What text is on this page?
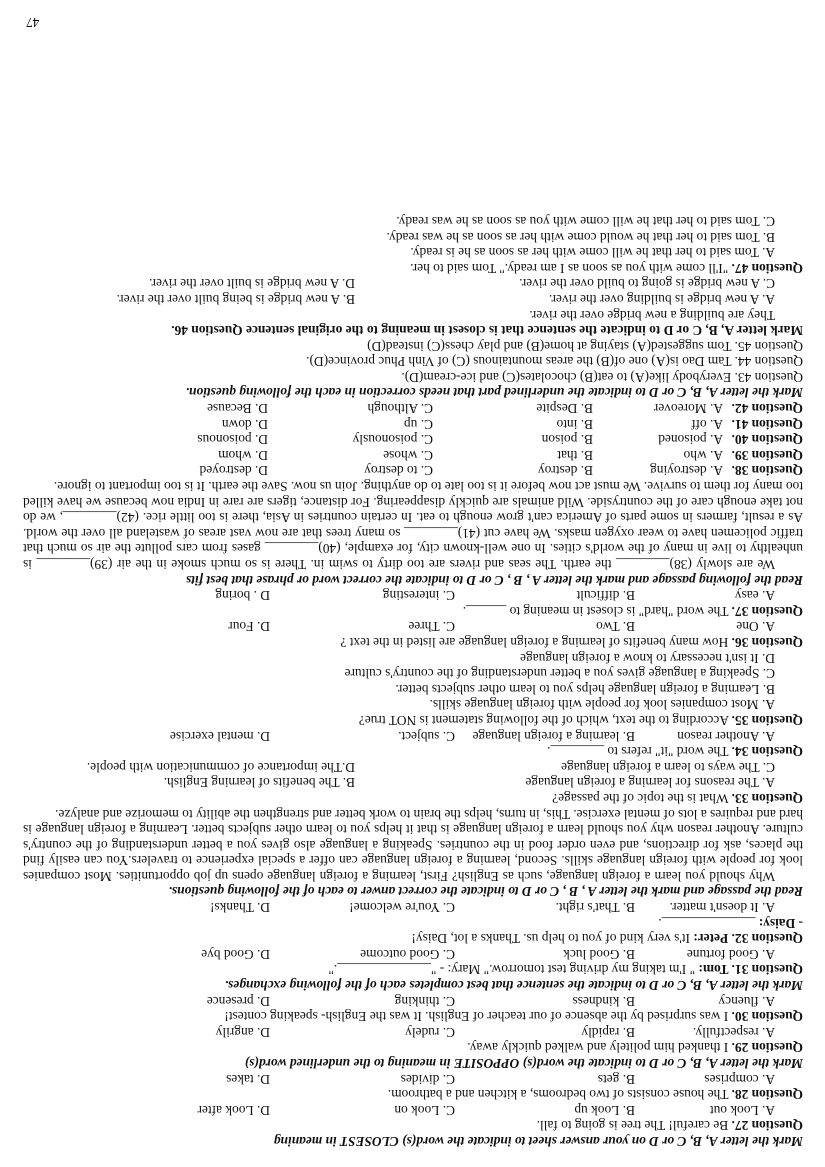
Mark the letter A, B, C or D on your answer sheet to indicate the word(s) CLOSEST in meaning
Question 27. Be careful! The tree is going to fall.
A. Look out
B. Look up
C. Look on
D. Look after
Question 28. The house consists of two bedrooms, a kitchen and a bathroom.
A. comprises
B. gets
C. divides
D. takes
Mark the letter A, B, C or D to indicate the word(s) OPPOSITE in meaning to the underlined word(s)
Question 29. I thanked him politely and walked quickly away.
A. respectfully.
B. rapidly
C. rudely
D. angrily
Question 30. I was surprised by the absence of our teacher of English. It was the English- speaking contest!
A. fluency
B. kindness
C. thinking
D. presence
Mark the letter A, B, C or D to indicate the sentence that best completes each of the following exchanges.
Question 31. Tom: " I'm taking my driving test tomorrow." Mary: - "______________."
A. Good fortune
B. Good luck
C. Good outcome
D. Good bye
Question 32. Peter: It's very kind of you to help us. Thanks a lot, Daisy!
- Daisy: ______________.
A. It doesn't matter.
B. That's right.
C. You're welcome!
D. Thanks!
Read the passage and mark the letter A , B , C or D to indicate the correct anwer to each of the following questions.
Why should you learn a foreign language, such as English? First, learning a foreign language opens up job opportunities. Most companies look for people with foreign language skills. Second, learning a foreign language can offer a special experience to travelers.You can easily find the places, ask for directions, and even order food in the countries. Speaking a language also gives you a better understanding of the country's culture. Another reason why you should learn a foreign language is that it helps you to learn other subjects better. Learning a foreign language is hard and requires a lots of mental exercise. This, in turns, helps the brain to work better and strengthen the ability to memorize and analyze.
Question 33. What is the topic of the passage?
A. The reasons for learning a foreign language
B. The benefits of learning English.
C. The ways to learn a foreign language
D.The importance of communication with people.
Question 34. The word "it" refers to ________.
A. Another reason
B. learning a foreign language
C. subject.
D. mental exercise
Question 35. According to the text, which of the following statement is NOT true?
A. Most companies look for people with foreign language skills.
B. Learning a foreign language helps you to learn other subjects better.
C. Speaking a language gives you a better understanding of the country's culture
D. It isn't necessary to know a foreign language
Question 36. How many benefits of learning a foreign language are listed in the text ?
A. One
B. Two
C. Three
D. Four
Question 37. The word "hard" is closest in meaning to ______.
A. easy
B. difficult
C. interesting
D . boring
Read the following passage and mark the letter A , B , C or D to indicate the correct word or phrase that best fits
We are slowly (38)________ the earth. The seas and rivers are too dirty to swim in. There is so much smoke in the air (39)________ is unhealthy to live in many of the world's cities. In one well-known city, for example, (40)________ gases from cars pollute the air so much that traffic policemen have to wear oxygen masks. We have cut (41)________ so many trees that are now vast areas of wasteland all over the world. As a result, farmers in some parts of America can't grow enough to eat. In certain countries in Asia, there is too little rice. (42)________, we do not take enough care of the countryside. Wild animals are quickly disappearing. For distance, tigers are rare in India now because we have killed too many for them to survive. We must act now before it is too late to do anything. Join us now. Save the earth. It is too important to ignore.
Question 38.
A. destroying
B. destroy
C. to destroy
D. destroyed
Question 39.
A. who
B. that
C. whose
D. whom
Question 40.
A. poisoned
B. poison
C. poisonously
D. poisonous
Question 41.
A. off
B. into
C. up
D. down
Question 42.
A. Moreover
B. Despite
C. Although
D. Because
Mark the letter A, B, C or D to indicate the underlined part that needs correction in each the following question.
Question 43. Everybody like(A) to eat(B) chocolates(C) and ice-cream(D).
Question 44. Tam Dao is(A) one of(B) the areas mountainous (C) of Vinh Phuc province(D).
Question 45. Tom suggested(A) staying at home(B) and play chess(C) instead(D)
Mark letter A, B, C or D to indicate the sentence that is closest in meaning to the original sentence Question 46.
They are building a new bridge over the river.
A. A new bridge is building over the river.
B. A new bridge is being built over the river.
C. A new bridge is going to build over the river.
D. A new bridge is built over the river.
Question 47. "I'll come with you as soon as I am ready." Tom said to her.
A. Tom said to her that he will come with her as soon as he is ready.
B. Tom said to her that he would come with her as soon as he was ready.
C. Tom said to her that he will come with you as soon as he was ready.
47
